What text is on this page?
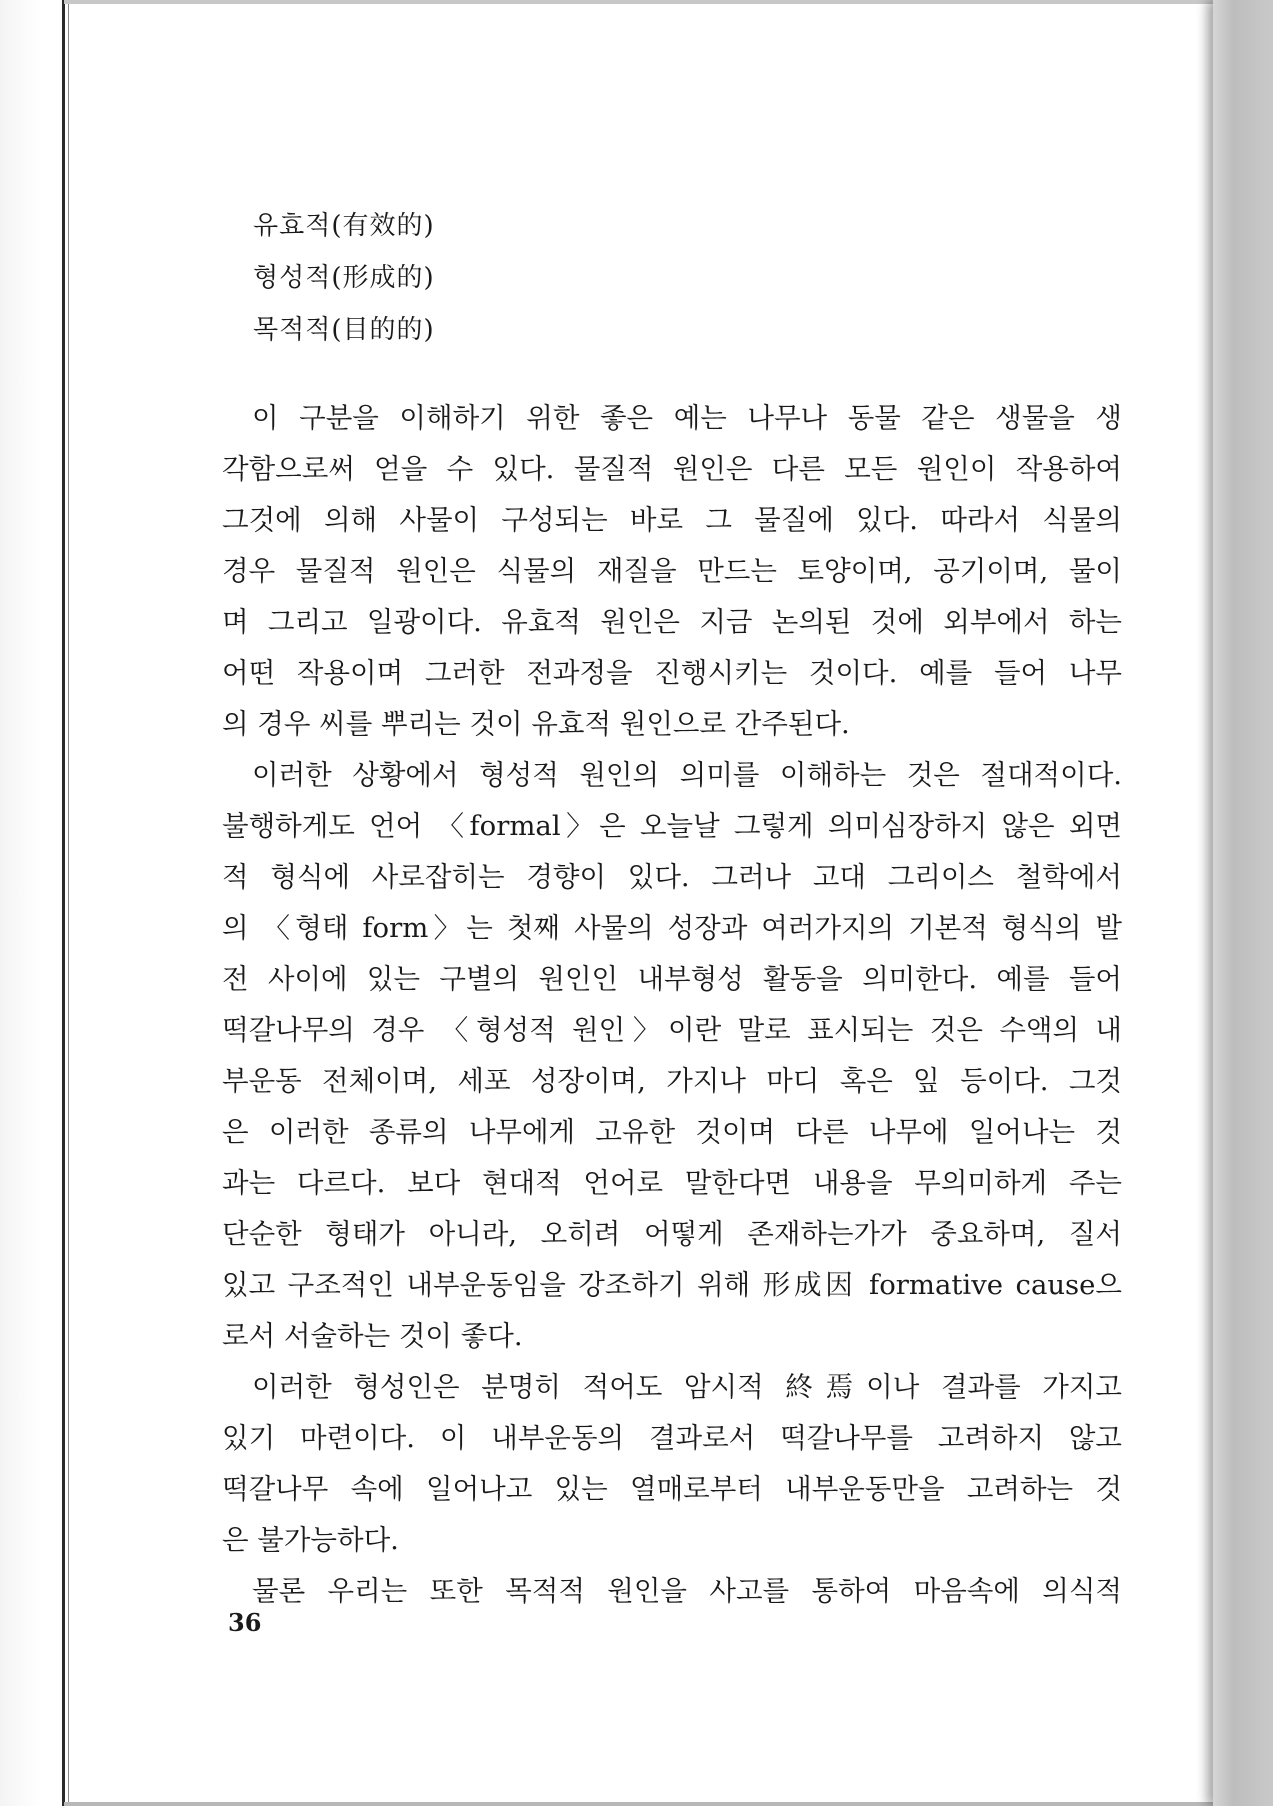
유효적(有效的)
형성적(形成的)
목적적(目的的)
이 구분을 이해하기 위한 좋은 예는 나무나 동물 같은 생물을 생
각함으로써 얻을 수 있다. 물질적 원인은 다른 모든 원인이 작용하여
그것에 의해 사물이 구성되는 바로 그 물질에 있다. 따라서 식물의
경우 물질적 원인은 식물의 재질을 만드는 토양이며, 공기이며, 물이
며 그리고 일광이다. 유효적 원인은 지금 논의된 것에 외부에서 하는
어떤 작용이며 그러한 전과정을 진행시키는 것이다. 예를 들어 나무
의 경우 씨를 뿌리는 것이 유효적 원인으로 간주된다.
이러한 상황에서 형성적 원인의 의미를 이해하는 것은 절대적이다.
불행하게도 언어 〈formal〉은 오늘날 그렇게 의미심장하지 않은 외면
적 형식에 사로잡히는 경향이 있다. 그러나 고대 그리이스 철학에서
의 〈형태 form〉는 첫째 사물의 성장과 여러가지의 기본적 형식의 발
전 사이에 있는 구별의 원인인 내부형성 활동을 의미한다. 예를 들어
떡갈나무의 경우 〈형성적 원인〉이란 말로 표시되는 것은 수액의 내
부운동 전체이며, 세포 성장이며, 가지나 마디 혹은 잎 등이다. 그것
은 이러한 종류의 나무에게 고유한 것이며 다른 나무에 일어나는 것
과는 다르다. 보다 현대적 언어로 말한다면 내용을 무의미하게 주는
단순한 형태가 아니라, 오히려 어떻게 존재하는가가 중요하며, 질서
있고 구조적인 내부운동임을 강조하기 위해 形成因 formative cause으
로서 서술하는 것이 좋다.
이러한 형성인은 분명히 적어도 암시적 終焉이나 결과를 가지고
있기 마련이다. 이 내부운동의 결과로서 떡갈나무를 고려하지 않고
떡갈나무 속에 일어나고 있는 열매로부터 내부운동만을 고려하는 것
은 불가능하다.
물론 우리는 또한 목적적 원인을 사고를 통하여 마음속에 의식적
36
